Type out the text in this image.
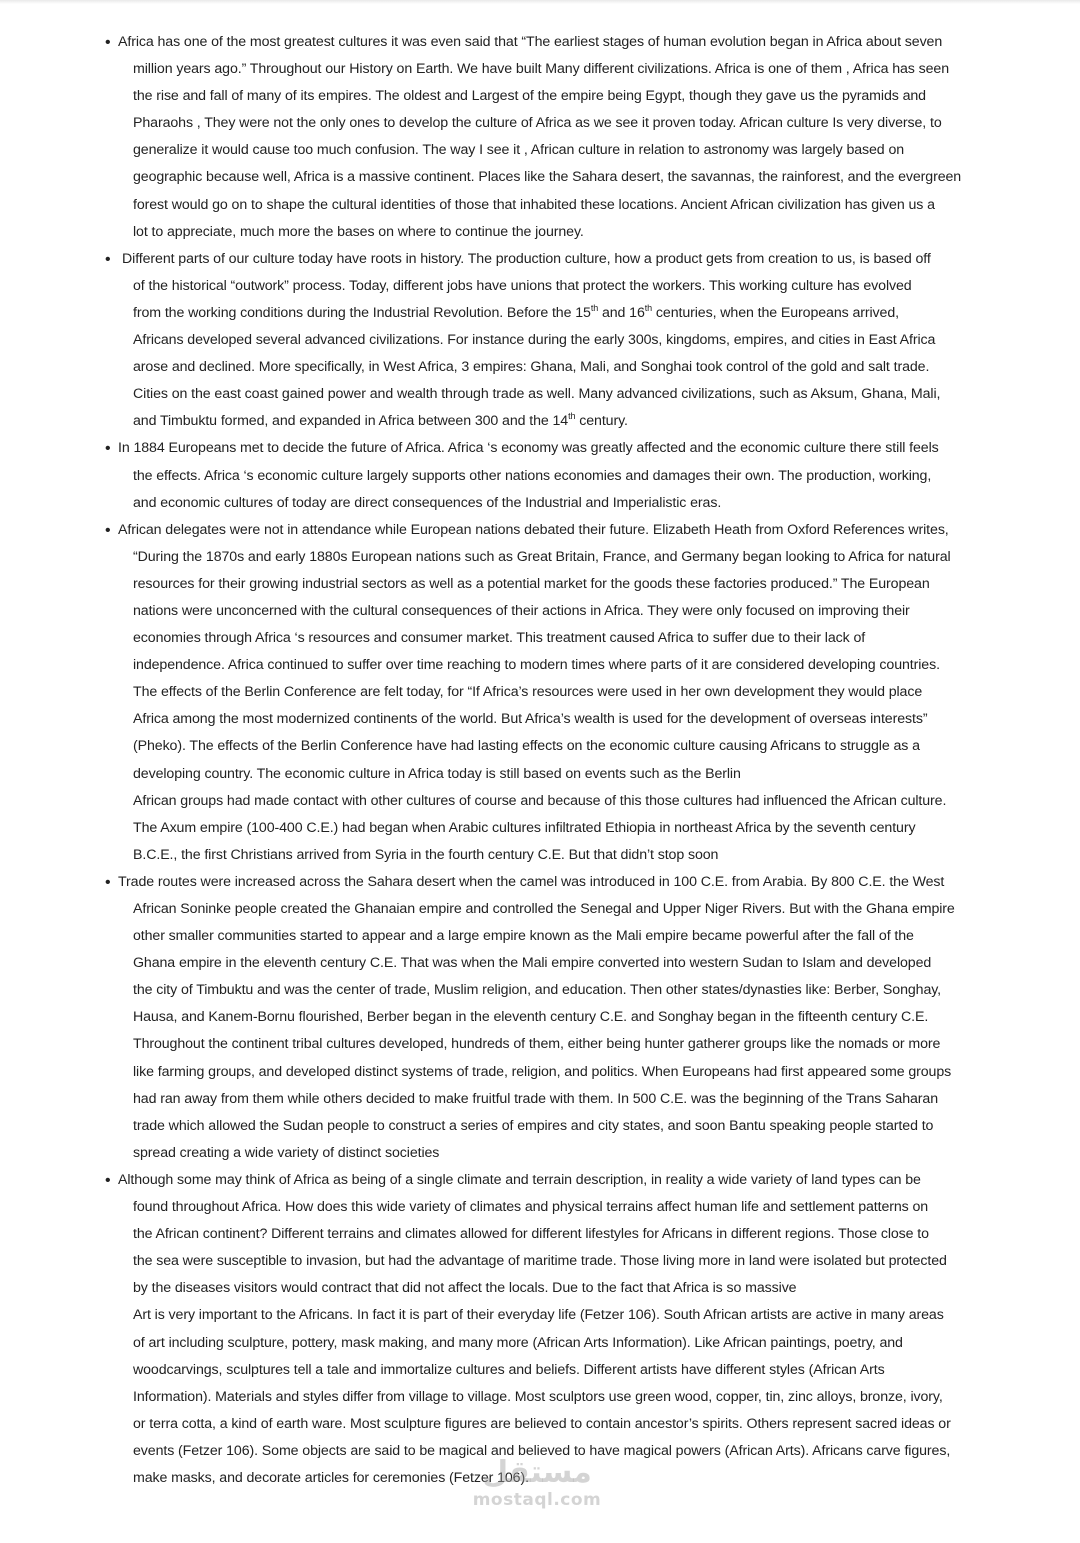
• Africa has one of the most greatest cultures it was even said that “The earliest stages of human evolution began in Africa about seven
million years ago.” Throughout our History on Earth. We have built Many different civilizations. Africa is one of them , Africa has seen
the rise and fall of many of its empires. The oldest and Largest of the empire being Egypt, though they gave us the pyramids and
Pharaohs , They were not the only ones to develop the culture of Africa as we see it proven today. African culture Is very diverse, to
generalize it would cause too much confusion. The way I see it , African culture in relation to astronomy was largely based on
geographic because well, Africa is a massive continent. Places like the Sahara desert, the savannas, the rainforest, and the evergreen
forest would go on to shape the cultural identities of those that inhabited these locations. Ancient African civilization has given us a
lot to appreciate, much more the bases on where to continue the journey.
• Different parts of our culture today have roots in history. The production culture, how a product gets from creation to us, is based off
of the historical “outwork” process. Today, different jobs have unions that protect the workers. This working culture has evolved
from the working conditions during the Industrial Revolution. Before the 15th and 16th centuries, when the Europeans arrived,
Africans developed several advanced civilizations. For instance during the early 300s, kingdoms, empires, and cities in East Africa
arose and declined. More specifically, in West Africa, 3 empires: Ghana, Mali, and Songhai took control of the gold and salt trade.
Cities on the east coast gained power and wealth through trade as well. Many advanced civilizations, such as Aksum, Ghana, Mali,
and Timbuktu formed, and expanded in Africa between 300 and the 14th century.
• In 1884 Europeans met to decide the future of Africa. Africa ‘s economy was greatly affected and the economic culture there still feels
the effects. Africa ‘s economic culture largely supports other nations economies and damages their own. The production, working,
and economic cultures of today are direct consequences of the Industrial and Imperialistic eras.
• African delegates were not in attendance while European nations debated their future. Elizabeth Heath from Oxford References writes,
“During the 1870s and early 1880s European nations such as Great Britain, France, and Germany began looking to Africa for natural
resources for their growing industrial sectors as well as a potential market for the goods these factories produced.” The European
nations were unconcerned with the cultural consequences of their actions in Africa. They were only focused on improving their
economies through Africa ‘s resources and consumer market. This treatment caused Africa to suffer due to their lack of
independence. Africa continued to suffer over time reaching to modern times where parts of it are considered developing countries.
The effects of the Berlin Conference are felt today, for “If Africa’s resources were used in her own development they would place
Africa among the most modernized continents of the world. But Africa’s wealth is used for the development of overseas interests”
(Pheko). The effects of the Berlin Conference have had lasting effects on the economic culture causing Africans to struggle as a
developing country. The economic culture in Africa today is still based on events such as the Berlin
African groups had made contact with other cultures of course and because of this those cultures had influenced the African culture.
The Axum empire (100-400 C.E.) had began when Arabic cultures infiltrated Ethiopia in northeast Africa by the seventh century
B.C.E., the first Christians arrived from Syria in the fourth century C.E. But that didn’t stop soon
• Trade routes were increased across the Sahara desert when the camel was introduced in 100 C.E. from Arabia. By 800 C.E. the West
African Soninke people created the Ghanaian empire and controlled the Senegal and Upper Niger Rivers. But with the Ghana empire
other smaller communities started to appear and a large empire known as the Mali empire became powerful after the fall of the
Ghana empire in the eleventh century C.E. That was when the Mali empire converted into western Sudan to Islam and developed
the city of Timbuktu and was the center of trade, Muslim religion, and education. Then other states/dynasties like: Berber, Songhay,
Hausa, and Kanem-Bornu flourished, Berber began in the eleventh century C.E. and Songhay began in the fifteenth century C.E.
Throughout the continent tribal cultures developed, hundreds of them, either being hunter gatherer groups like the nomads or more
like farming groups, and developed distinct systems of trade, religion, and politics. When Europeans had first appeared some groups
had ran away from them while others decided to make fruitful trade with them. In 500 C.E. was the beginning of the Trans Saharan
trade which allowed the Sudan people to construct a series of empires and city states, and soon Bantu speaking people started to
spread creating a wide variety of distinct societies
• Although some may think of Africa as being of a single climate and terrain description, in reality a wide variety of land types can be
found throughout Africa. How does this wide variety of climates and physical terrains affect human life and settlement patterns on
the African continent? Different terrains and climates allowed for different lifestyles for Africans in different regions. Those close to
the sea were susceptible to invasion, but had the advantage of maritime trade. Those living more in land were isolated but protected
by the diseases visitors would contract that did not affect the locals. Due to the fact that Africa is so massive
Art is very important to the Africans. In fact it is part of their everyday life (Fetzer 106). South African artists are active in many areas
of art including sculpture, pottery, mask making, and many more (African Arts Information). Like African paintings, poetry, and
woodcarvings, sculptures tell a tale and immortalize cultures and beliefs. Different artists have different styles (African Arts
Information). Materials and styles differ from village to village. Most sculptors use green wood, copper, tin, zinc alloys, bronze, ivory,
or terra cotta, a kind of earth ware. Most sculpture figures are believed to contain ancestor’s spirits. Others represent sacred ideas or
events (Fetzer 106). Some objects are said to be magical and believed to have magical powers (African Arts). Africans carve figures,
make masks, and decorate articles for ceremonies (Fetzer 106).
مستقل
mostaql.com
